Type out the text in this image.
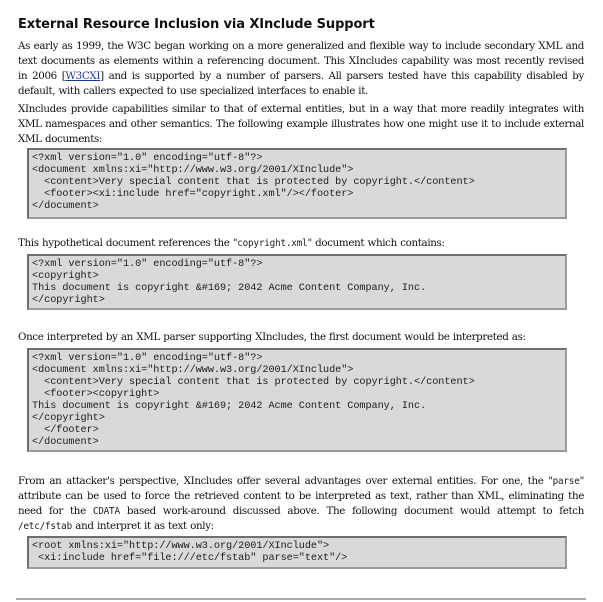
External Resource Inclusion via XInclude Support

As early as 1999, the W3C began working on a more generalized and flexible way to include secondary XML and text documents as elements within a referencing document. This XIncludes capability was most recently revised in 2006 [W3CXI] and is supported by a number of parsers. All parsers tested have this capability disabled by default, with callers expected to use specialized interfaces to enable it.

XIncludes provide capabilities similar to that of external entities, but in a way that more readily integrates with XML namespaces and other semantics. The following example illustrates how one might use it to include external XML documents:

<?xml version="1.0" encoding="utf-8"?>
<document xmlns:xi="http://www.w3.org/2001/XInclude">
<content>Very special content that is protected by copyright.</content>
<footer><xi:include href="copyright.xml"/></footer>
</document>

This hypothetical document references the "copyright.xml" document which contains:

<?xml version="1.0" encoding="utf-8"?>
<copyright>
This document is copyright &#169; 2042 Acme Content Company, Inc.
</copyright>

Once interpreted by an XML parser supporting XIncludes, the first document would be interpreted as:

<?xml version="1.0" encoding="utf-8"?>
<document xmlns:xi="http://www.w3.org/2001/XInclude">
<content>Very special content that is protected by copyright.</content>
<footer><copyright>
This document is copyright &#169; 2042 Acme Content Company, Inc.
</copyright>
</footer>
</document>

From an attacker's perspective, XIncludes offer several advantages over external entities. For one, the "parse" attribute can be used to force the retrieved content to be interpreted as text, rather than XML, eliminating the need for the CDATA based work-around discussed above. The following document would attempt to fetch /etc/fstab and interpret it as text only:

<root xmlns:xi="http://www.w3.org/2001/XInclude">
<xi:include href="file:///etc/fstab" parse="text"/>
